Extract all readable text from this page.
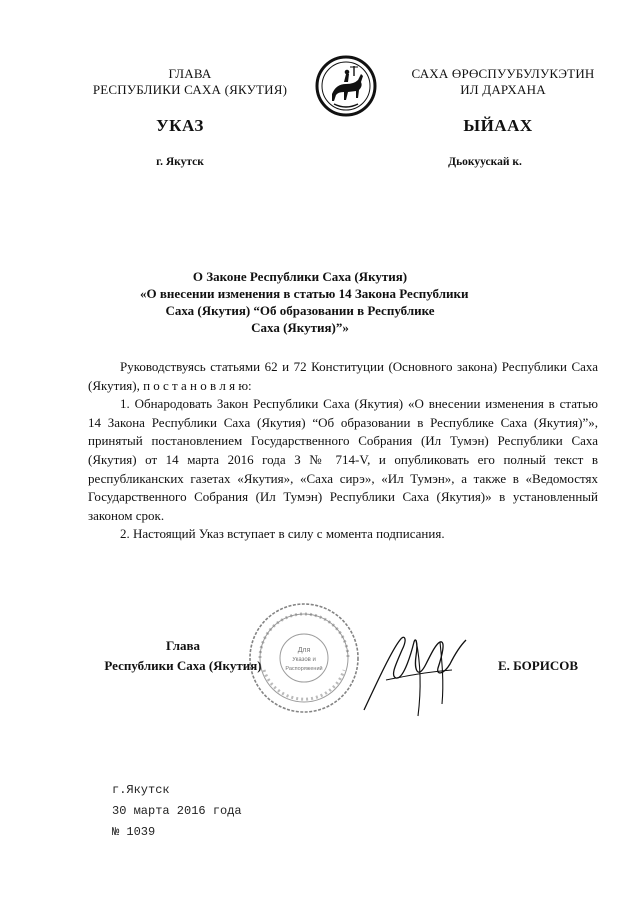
ГЛАВА
РЕСПУБЛИКИ САХА (ЯКУТИЯ)
САХА ӨРӨСПУУБУЛУКЭТИН
ИЛ ДАРХАНА
УКАЗ	ЫЙААХ
г. Якутск	Дьокуускай к.
О Законе Республики Саха (Якутия)
«О внесении изменения в статью 14 Закона Республики
Саха (Якутия) “Об образовании в Республике
Саха (Якутия)”»

Руководствуясь статьями 62 и 72 Конституции (Основного закона) Республики Саха (Якутия), п о с т а н о в л я ю:

1. Обнародовать Закон Республики Саха (Якутия) «О внесении изменения в статью 14 Закона Республики Саха (Якутия) “Об образовании в Республике Саха (Якутия)”», принятый постановлением Государственного Собрания (Ил Тумэн) Республики Саха (Якутия) от 14 марта 2016 года З № 714-V, и опубликовать его полный текст в республиканских газетах «Якутия», «Саха сирэ», «Ил Тумэн», а также в «Ведомостях Государственного Собрания (Ил Тумэн) Республики Саха (Якутия)» в установленный законом срок.

2. Настоящий Указ вступает в силу с момента подписания.

Глава
Республики Саха (Якутия)
Для
Указов и
Распоряжений	Е. БОРИСОВ
г.Якутск
30 марта 2016 года
№ 1039
